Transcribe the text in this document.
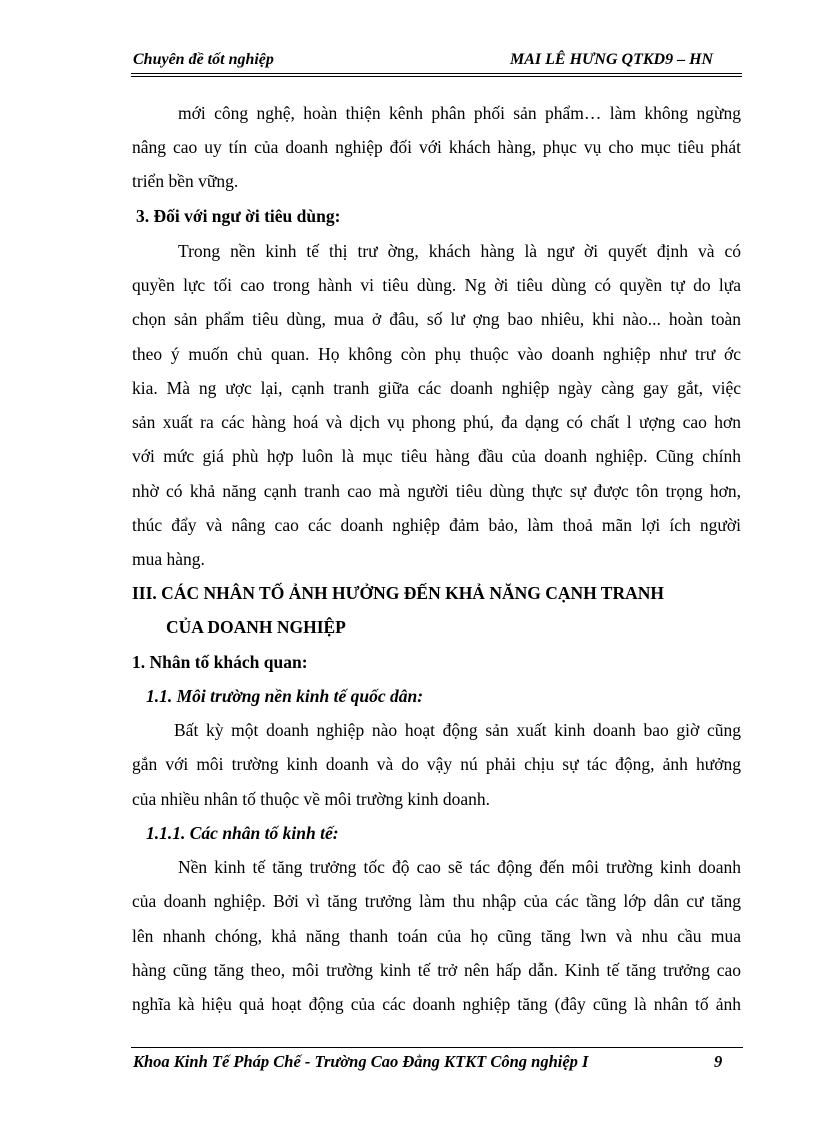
Chuyên đề tốt nghiệp	MAI LÊ HƯNG QTKD9 – HN
mới công nghệ, hoàn thiện kênh phân phối sản phẩm… làm không ngừng
nâng cao uy tín của doanh nghiệp đối với khách hàng, phục vụ cho mục tiêu phát
triển bền vững.
3. Đối với ngư ời tiêu dùng:
Trong nền kinh tế thị trư ờng, khách hàng là ngư ời quyết định và có
quyền lực tối cao trong hành vi tiêu dùng. Ng ời tiêu dùng có quyền tự do lựa
chọn sản phẩm tiêu dùng, mua ở đâu, số lư ợng bao nhiêu, khi nào... hoàn toàn
theo ý muốn chủ quan. Họ không còn phụ thuộc vào doanh nghiệp như trư ớc
kia. Mà ng ược lại, cạnh tranh giữa các doanh nghiệp ngày càng gay gắt, việc
sản xuất ra các hàng hoá và dịch vụ phong phú, đa dạng có chất l ượng cao hơn
với mức giá phù hợp luôn là mục tiêu hàng đầu của doanh nghiệp. Cũng chính
nhờ có khả năng cạnh tranh cao mà người tiêu dùng thực sự được tôn trọng hơn,
thúc đẩy và nâng cao các doanh nghiệp đảm bảo, làm thoả mãn lợi ích người
mua hàng.
III. CÁC NHÂN TỐ ẢNH HƯỞNG ĐẾN KHẢ NĂNG CẠNH TRANH
CỦA DOANH NGHIỆP
1. Nhân tố khách quan:
1.1. Môi trường nền kinh tế quốc dân:
Bất kỳ một doanh nghiệp nào hoạt động sản xuất kinh doanh bao giờ cũng
gắn với môi trường kinh doanh và do vậy nú phải chịu sự tác động, ảnh hưởng
của nhiều nhân tố thuộc về môi trường kinh doanh.
1.1.1. Các nhân tố kinh tế:
Nền kinh tế tăng trưởng tốc độ cao sẽ tác động đến môi trường kinh doanh
của doanh nghiệp. Bởi vì tăng trưởng làm thu nhập của các tầng lớp dân cư tăng
lên nhanh chóng, khả năng thanh toán của họ cũng tăng lwn và nhu cầu mua
hàng cũng tăng theo, môi trường kinh tế trở nên hấp dẫn. Kinh tế tăng trưởng cao
nghĩa kà hiệu quả hoạt động của các doanh nghiệp tăng (đây cũng là nhân tố ảnh
Khoa Kinh Tế Pháp Chế - Trường Cao Đẳng KTKT Công nghiệp I	9
